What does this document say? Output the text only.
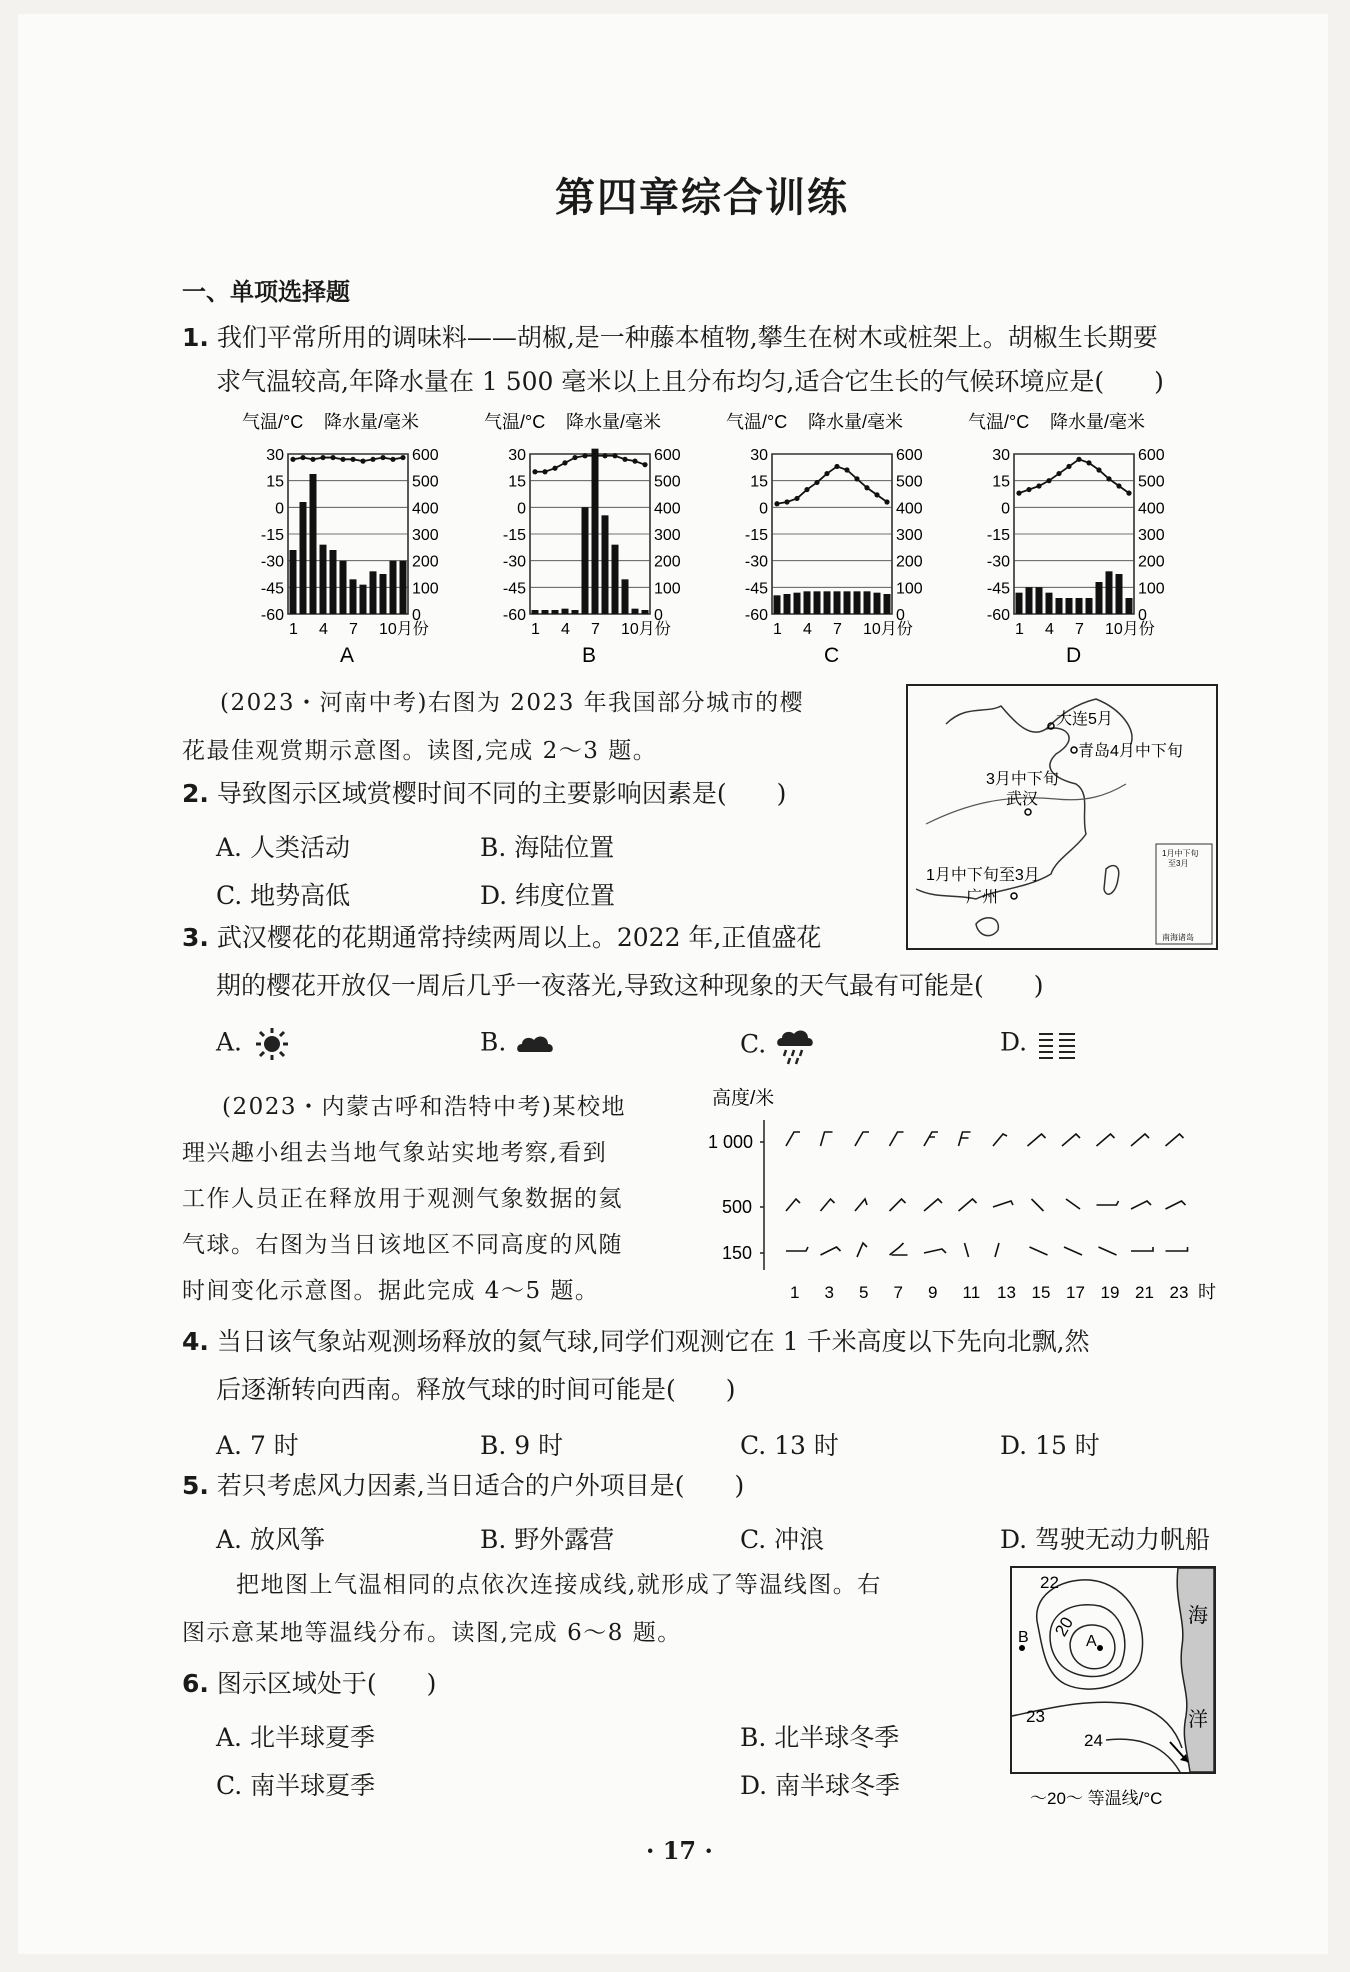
第四章综合训练
一、单项选择题
1. 我们平常所用的调味料——胡椒,是一种藤本植物,攀生在树木或桩架上。胡椒生长期要
求气温较高,年降水量在 1 500 毫米以上且分布均匀,适合它生长的气候环境应是(　　)
气温/°C 降水量/毫米
30	600
15	500
0	400
-15	300
-30	200
-45	100
-60	0
1 4 7 10月份
A
气温/°C 降水量/毫米
30	600
15	500
0	400
-15	300
-30	200
-45	100
-60	0
1 4 7 10月份
B
气温/°C 降水量/毫米
30	600
15	500
0	400
-15	300
-30	200
-45	100
-60	0
1 4 7 10月份
C
气温/°C 降水量/毫米
30	600
15	500
0	400
-15	300
-30	200
-45	100
-60	0
1 4 7 10月份
D
(2023・河南中考)右图为 2023 年我国部分城市的樱
花最佳观赏期示意图。读图,完成 2～3 题。
1月中下旬
至3月
南海诸岛
大连5月
青岛4月中下旬
3月中下旬
武汉
1月中下旬至3月
广州
2. 导致图示区域赏樱时间不同的主要影响因素是(　　)
A. 人类活动	B. 海陆位置
C. 地势高低	D. 纬度位置
3. 武汉樱花的花期通常持续两周以上。2022 年,正值盛花
期的樱花开放仅一周后几乎一夜落光,导致这种现象的天气最有可能是(　　)
A.	B.	C.	D.
(2023・内蒙古呼和浩特中考)某校地
理兴趣小组去当地气象站实地考察,看到
工作人员正在释放用于观测气象数据的氦
气球。右图为当日该地区不同高度的风随
时间变化示意图。据此完成 4～5 题。
高度/米
1 000
500
150
1 3 5 7 9 11 13 15 17 19 21 23 时
4. 当日该气象站观测场释放的氦气球,同学们观测它在 1 千米高度以下先向北飘,然
后逐渐转向西南。释放气球的时间可能是(　　)
A. 7 时	B. 9 时	C. 13 时	D. 15 时
5. 若只考虑风力因素,当日适合的户外项目是(　　)
A. 放风筝	B. 野外露营	C. 冲浪	D. 驾驶无动力帆船
把地图上气温相同的点依次连接成线,就形成了等温线图。右
图示意某地等温线分布。读图,完成 6～8 题。
海
洋
22
20
23
24
B	A
～20～ 等温线/°C
6. 图示区域处于(　　)
A. 北半球夏季	B. 北半球冬季
C. 南半球夏季	D. 南半球冬季
· 17 ·
